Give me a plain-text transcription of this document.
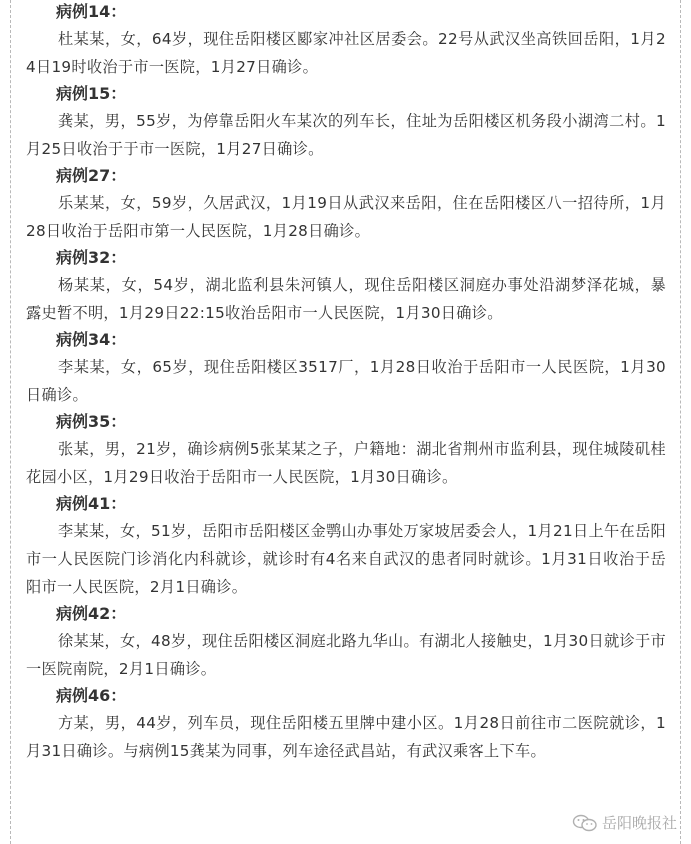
病例14：

杜某某，女，64岁，现住岳阳楼区郾家冲社区居委会。22号从武汉坐高铁回岳阳，1月24日19时收治于市一医院，1月27日确诊。

病例15：

龚某，男，55岁，为停靠岳阳火车某次的列车长，住址为岳阳楼区机务段小湖湾二村。1月25日收治于于市一医院，1月27日确诊。

病例27：

乐某某，女，59岁，久居武汉，1月19日从武汉来岳阳，住在岳阳楼区八一招待所，1月28日收治于岳阳市第一人民医院，1月28日确诊。

病例32：

杨某某，女，54岁，湖北监利县朱河镇人，现住岳阳楼区洞庭办事处沿湖梦泽花城，暴露史暂不明，1月29日22:15收治岳阳市一人民医院，1月30日确诊。

病例34：

李某某，女，65岁，现住岳阳楼区3517厂，1月28日收治于岳阳市一人民医院，1月30日确诊。

病例35：

张某，男，21岁，确诊病例5张某某之子，户籍地：湖北省荆州市监利县，现住城陵矶桂花园小区，1月29日收治于岳阳市一人民医院，1月30日确诊。

病例41：

李某某，女，51岁，岳阳市岳阳楼区金鹗山办事处万家坡居委会人，1月21日上午在岳阳市一人民医院门诊消化内科就诊，就诊时有4名来自武汉的患者同时就诊。1月31日收治于岳阳市一人民医院，2月1日确诊。

病例42：

徐某某，女，48岁，现住岳阳楼区洞庭北路九华山。有湖北人接触史，1月30日就诊于市一医院南院，2月1日确诊。

病例46：

方某，男，44岁，列车员，现住岳阳楼五里牌中建小区。1月28日前往市二医院就诊，1月31日确诊。与病例15龚某为同事，列车途径武昌站，有武汉乘客上下车。

岳阳晚报社
